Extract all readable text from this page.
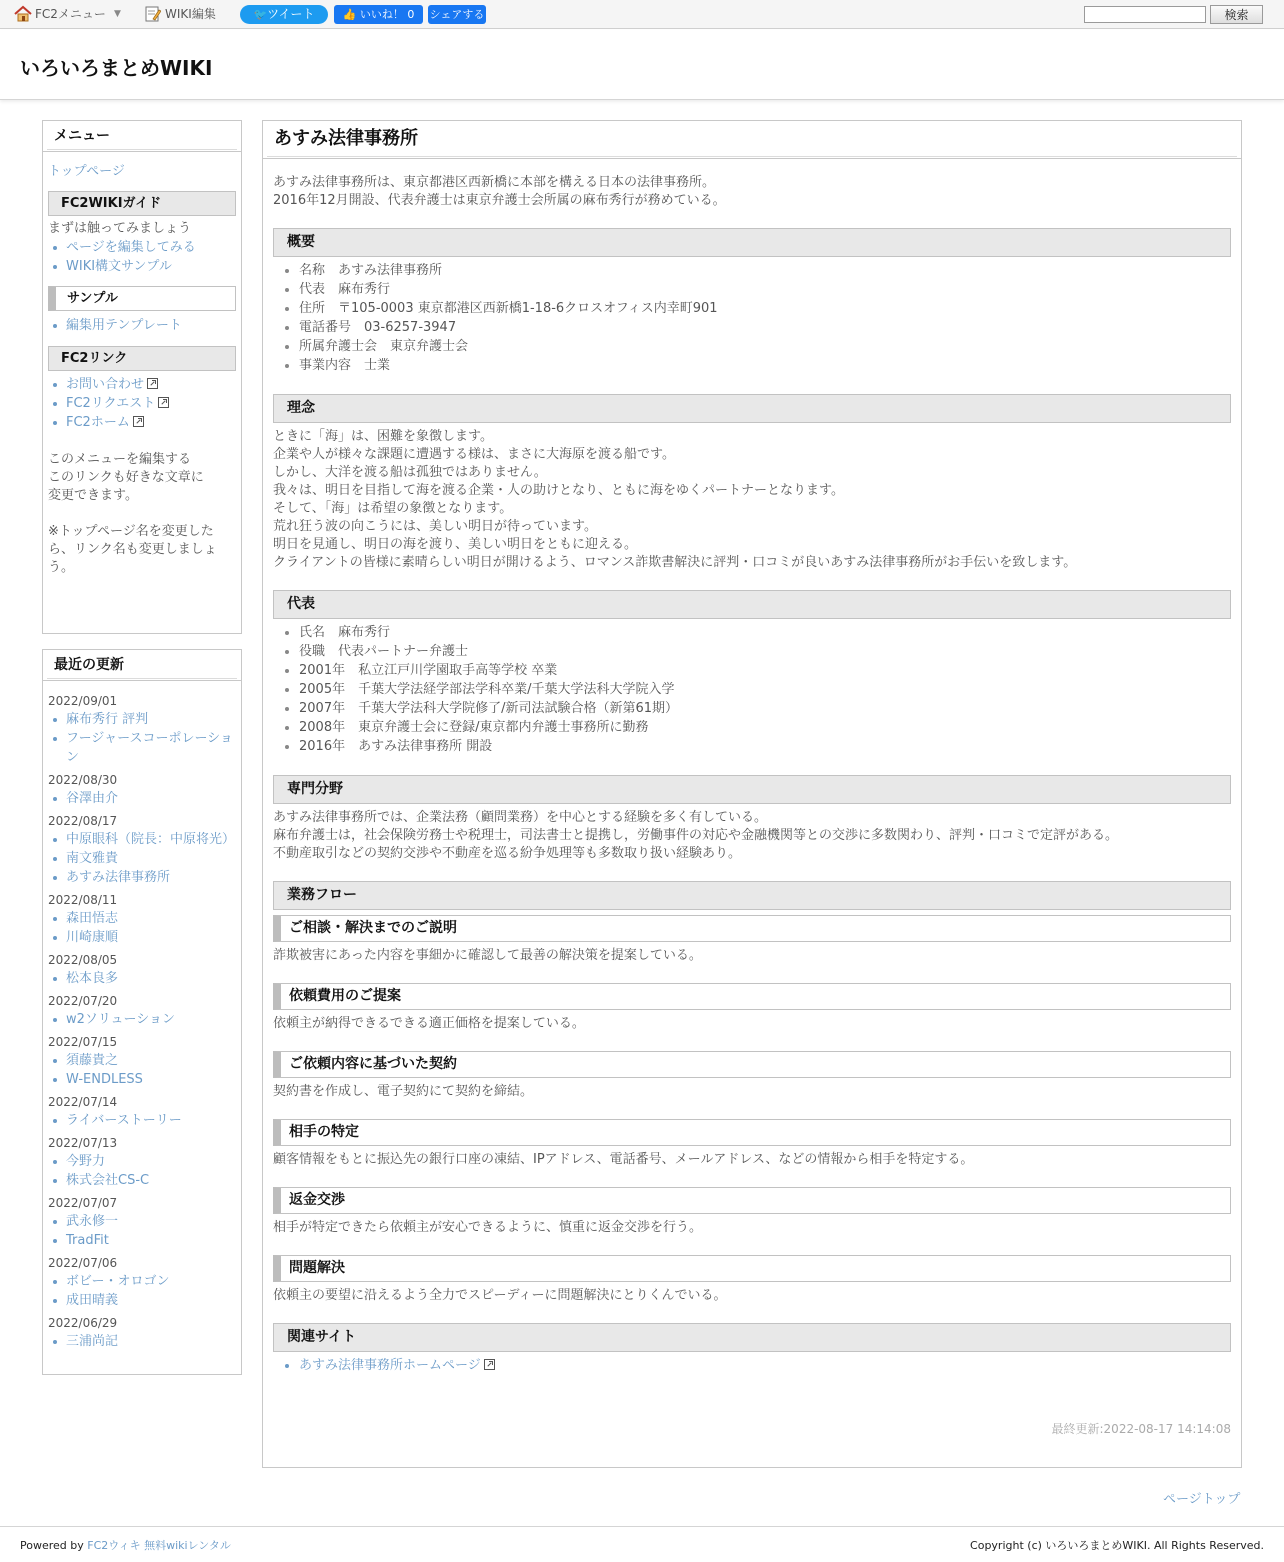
FC2メニュー ▼	WIKI編集	🐦ツイート	👍 いいね！ 0	シェアする	検索
いろいろまとめWIKI
メニュー
トップページ
FC2WIKIガイド
まずは触ってみましょう
ページを編集してみる
WIKI構文サンプル
サンプル
編集用テンプレート
FC2リンク
お問い合わせ
FC2リクエスト
FC2ホーム
このメニューを編集する
このリンクも好きな文章に
変更できます。
※トップページ名を変更した
ら、リンク名も変更しましょ
う。
最近の更新
2022/09/01
麻布秀行 評判
フージャースコーポレーション
2022/08/30
谷澤由介
2022/08/17
中原眼科（院長：中原将光）
南文雅貴
あすみ法律事務所
2022/08/11
森田悟志
川崎康順
2022/08/05
松本良多
2022/07/20
w2ソリューション
2022/07/15
須藤貴之
W-ENDLESS
2022/07/14
ライバーストーリー
2022/07/13
今野力
株式会社CS-C
2022/07/07
武永修一
TradFit
2022/07/06
ボビー・オロゴン
成田晴義
2022/06/29
三浦尚記
あすみ法律事務所
あすみ法律事務所は、東京都港区西新橋に本部を構える日本の法律事務所。
2016年12月開設、代表弁護士は東京弁護士会所属の麻布秀行が務めている。
概要
名称　あすみ法律事務所
代表　麻布秀行
住所　〒105-0003 東京都港区西新橋1-18-6クロスオフィス内幸町901
電話番号　03-6257-3947
所属弁護士会　東京弁護士会
事業内容　士業
理念
ときに「海」は、困難を象徴します。
企業や人が様々な課題に遭遇する様は、まさに大海原を渡る船です。
しかし、大洋を渡る船は孤独ではありません。
我々は、明日を目指して海を渡る企業・人の助けとなり、ともに海をゆくパートナーとなります。
そして、「海」は希望の象徴となります。
荒れ狂う波の向こうには、美しい明日が待っています。
明日を見通し、明日の海を渡り、美しい明日をともに迎える。
クライアントの皆様に素晴らしい明日が開けるよう、ロマンス詐欺書解決に評判・口コミが良いあすみ法律事務所がお手伝いを致します。
代表
氏名　麻布秀行
役職　代表パートナー弁護士
2001年　私立江戸川学園取手高等学校 卒業
2005年　千葉大学法経学部法学科卒業/千葉大学法科大学院入学
2007年　千葉大学法科大学院修了/新司法試験合格（新第61期）
2008年　東京弁護士会に登録/東京都内弁護士事務所に勤務
2016年　あすみ法律事務所 開設
専門分野
あすみ法律事務所では、企業法務（顧問業務）を中心とする経験を多く有している。
麻布弁護士は，社会保険労務士や税理士，司法書士と提携し，労働事件の対応や金融機関等との交渉に多数関わり、評判・口コミで定評がある。
不動産取引などの契約交渉や不動産を巡る紛争処理等も多数取り扱い経験あり。
業務フロー
ご相談・解決までのご説明
詐欺被害にあった内容を事細かに確認して最善の解決策を提案している。
依頼費用のご提案
依頼主が納得できるできる適正価格を提案している。
ご依頼内容に基づいた契約
契約書を作成し、電子契約にて契約を締結。
相手の特定
顧客情報をもとに振込先の銀行口座の凍結、IPアドレス、電話番号、メールアドレス、などの情報から相手を特定する。
返金交渉
相手が特定できたら依頼主が安心できるように、慎重に返金交渉を行う。
問題解決
依頼主の要望に沿えるよう全力でスピーディーに問題解決にとりくんでいる。
関連サイト
あすみ法律事務所ホームページ
最終更新:2022-08-17 14:14:08
ページトップ
Powered by FC2ウィキ 無料wikiレンタル	Copyright (c) いろいろまとめWIKI. All Rights Reserved.
